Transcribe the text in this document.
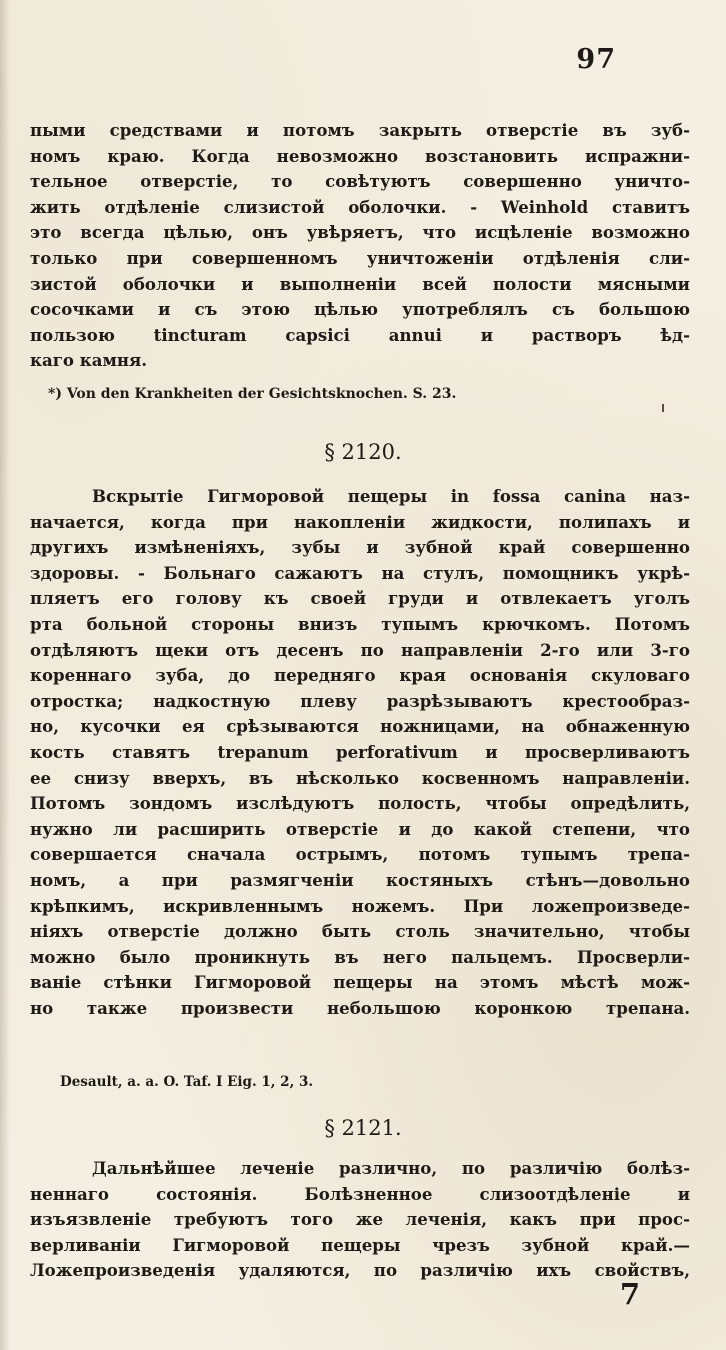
97
пыми средствами и потомъ закрыть отверстіе въ зуб-
номъ краю. Когда невозможно возстановить испражни-
тельное отверстіе, то совѣтуютъ совершенно уничто-
жить отдѣленіе слизистой оболочки. - Weinhold ставитъ
это всегда цѣлью, онъ увѣряетъ, что исцѣленіе возможно
только при совершенномъ уничтоженіи отдѣленія сли-
зистой оболочки и выполненіи всей полости мясными
сосочками и съ этою цѣлью употреблялъ съ большою
пользою tincturam capsici annui и растворъ ѣд-
каго камня.
*) Von den Krankheiten der Gesichtsknochen. S. 23.
§ 2120.
Вскрытіе Гигморовой пещеры in fossa canina наз-
начается, когда при накопленіи жидкости, полипахъ и
другихъ измѣненіяхъ, зубы и зубной край совершенно
здоровы. - Больнаго сажаютъ на стулъ, помощникъ укрѣ-
пляетъ его голову къ своей груди и отвлекаетъ уголъ
рта больной стороны внизъ тупымъ крючкомъ. Потомъ
отдѣляютъ щеки отъ десенъ по направленіи 2-го или 3-го
кореннаго зуба, до передняго края основанія скуловаго
отростка; надкостную плеву разрѣзываютъ крестообраз-
но, кусочки ея срѣзываются ножницами, на обнаженную
кость ставятъ trepanum perforativum и просверливаютъ
ее снизу вверхъ, въ нѣсколько косвенномъ направленіи.
Потомъ зондомъ изслѣдуютъ полость, чтобы опредѣлить,
нужно ли расширить отверстіе и до какой степени, что
совершается сначала острымъ, потомъ тупымъ трепа-
номъ, а при размягченіи костяныхъ стѣнъ—довольно
крѣпкимъ, искривленнымъ ножемъ. При ложепроизведе-
ніяхъ отверстіе должно быть столь значительно, чтобы
можно было проникнуть въ него пальцемъ. Просверли-
ваніе стѣнки Гигморовой пещеры на этомъ мѣстѣ мож-
но также произвести небольшою коронкою трепана.
Desault, a. a. O. Taf. I Eig. 1, 2, 3.
§ 2121.
Дальнѣйшее леченіе различно, по различію болѣз-
неннаго состоянія. Болѣзненное слизоотдѣленіе и
изъязвленіе требуютъ того же леченія, какъ при прос-
верливаніи Гигморовой пещеры чрезъ зубной край.—
Ложепроизведенія удаляются, по различію ихъ свойствъ,
7
